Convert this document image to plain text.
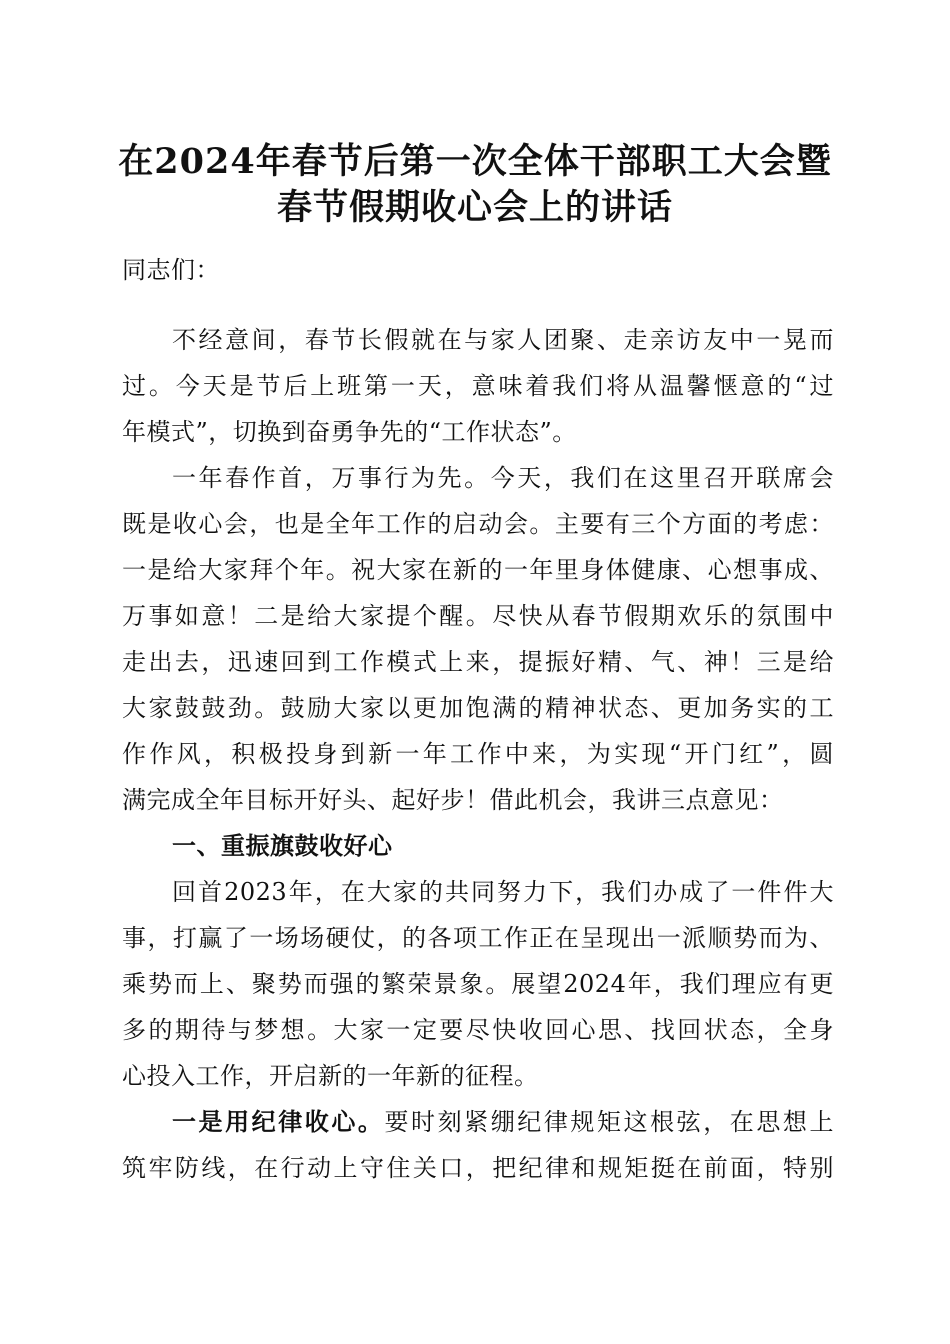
在2024年春节后第一次全体干部职工大会暨
春节假期收心会上的讲话
同志们：
不经意间，春节长假就在与家人团聚、走亲访友中一晃而
过。今天是节后上班第一天，意味着我们将从温馨惬意的“过
年模式”，切换到奋勇争先的“工作状态”。
一年春作首，万事行为先。今天，我们在这里召开联席会
既是收心会，也是全年工作的启动会。主要有三个方面的考虑：
一是给大家拜个年。祝大家在新的一年里身体健康、心想事成、
万事如意！二是给大家提个醒。尽快从春节假期欢乐的氛围中
走出去，迅速回到工作模式上来，提振好精、气、神！三是给
大家鼓鼓劲。鼓励大家以更加饱满的精神状态、更加务实的工
作作风，积极投身到新一年工作中来，为实现“开门红”，圆
满完成全年目标开好头、起好步！借此机会，我讲三点意见：
一、重振旗鼓收好心
回首2023年，在大家的共同努力下，我们办成了一件件大
事，打赢了一场场硬仗，的各项工作正在呈现出一派顺势而为、
乘势而上、聚势而强的繁荣景象。展望2024年，我们理应有更
多的期待与梦想。大家一定要尽快收回心思、找回状态，全身
心投入工作，开启新的一年新的征程。
一是用纪律收心。要时刻紧绷纪律规矩这根弦，在思想上
筑牢防线，在行动上守住关口，把纪律和规矩挺在前面，特别
